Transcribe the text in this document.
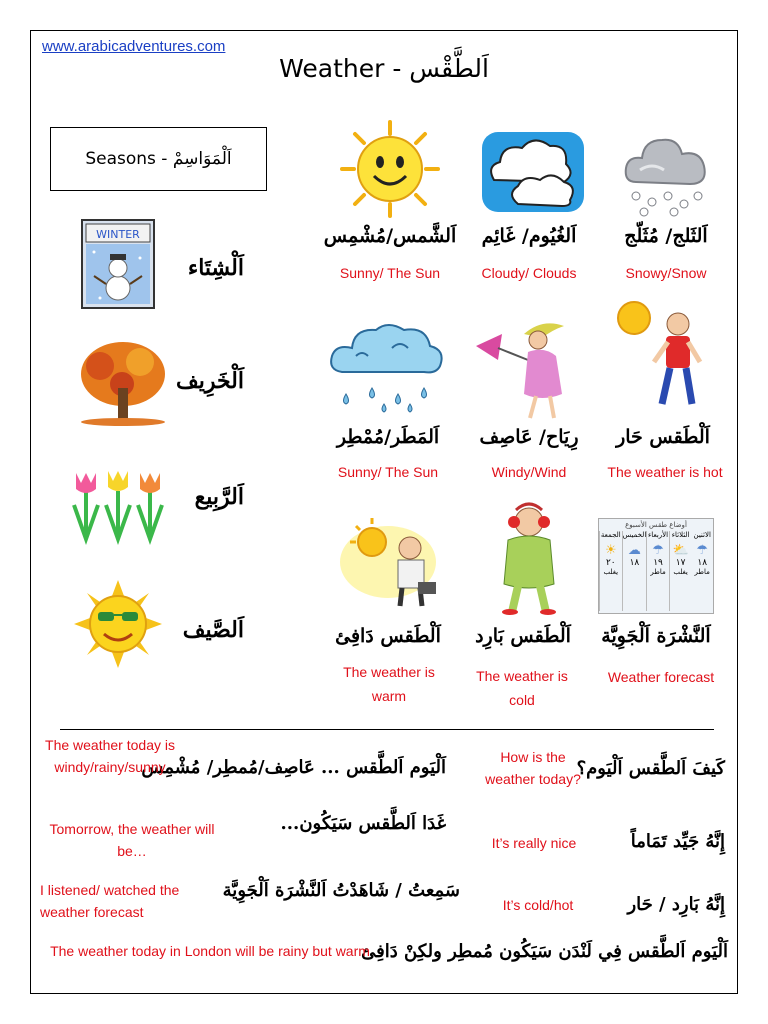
www.arabicadventures.com
Weather - اَلطَّقْس
Seasons - اَلْمَوَاسِمْ
WINTER
اَلْشِتَاء
اَلْخَرِيف
اَلرَّبِيع
اَلصَّيف
اَلثَلج/ مُثَلّج
Snowy/Snow
اَلغُيُوم/ غَائِم
Cloudy/ Clouds
اَلشَّمس/مُشْمِس
Sunny/ The Sun
اَلْطَقس حَار
The weather is hot
رِيَاح/ عَاصِف
Windy/Wind
اَلمَطَر/مُمْطِر
Sunny/ The Sun
أوضاع طقس الأسبوع
الجمعة
☀
٢٠
يغلب
الخميس
☁
١٨
الأربعاء
☂
١٩
ماطر
الثلاثاء
⛅
١٧
يغلب
الاثنين
☂
١٨
ماطر
اَلنَّشْرَة اَلْجَوِيَّة
Weather forecast
اَلْطَقس بَارِد
The weather is cold
اَلْطَقس دَافِئ
The weather is warm
كَيفَ اَلطَّقس اَلْيَوم؟
How is the weather today?
إِنَّهُ جَيِّد تَمَاماً
It’s really nice
إِنَّهُ بَارِد / حَار
It’s cold/hot
اَلْيَوم اَلطَّقس ... عَاصِف/مُمطِر/ مُشْمِس
The weather today is windy/rainy/sunny
غَدَا اَلطَّقس سَيَكُون...
Tomorrow, the weather will be…
سَمِعتُ / شَاهَدْتُ اَلنَّشْرَة اَلْجَوِيَّة
I listened/ watched the weather forecast
اَلْيَوم اَلطَّقس فِي لَنْدَن سَيَكُون مُمطِر ولكِنْ دَافِئ
The weather today in London will be rainy but warm
